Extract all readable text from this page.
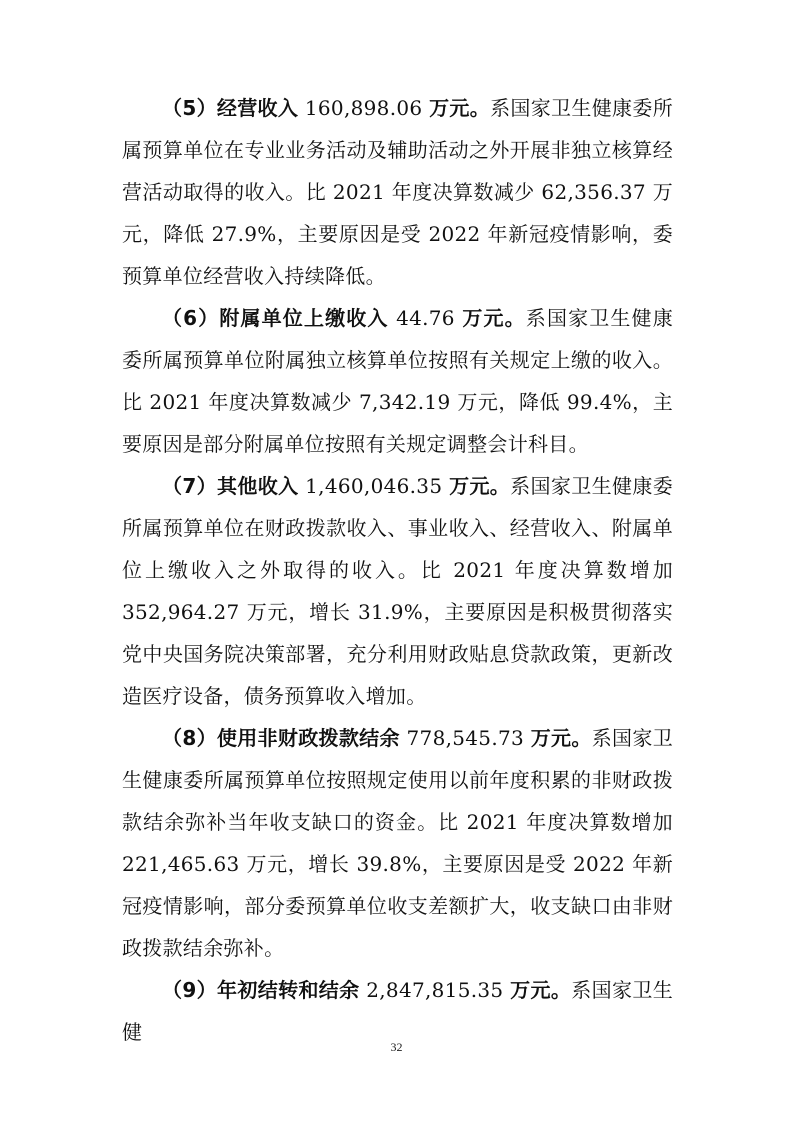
（5）经营收入 160,898.06 万元。系国家卫生健康委所属预算单位在专业业务活动及辅助活动之外开展非独立核算经营活动取得的收入。比 2021 年度决算数减少 62,356.37 万元，降低 27.9%，主要原因是受 2022 年新冠疫情影响，委预算单位经营收入持续降低。

（6）附属单位上缴收入 44.76 万元。系国家卫生健康委所属预算单位附属独立核算单位按照有关规定上缴的收入。比 2021 年度决算数减少 7,342.19 万元，降低 99.4%，主要原因是部分附属单位按照有关规定调整会计科目。

（7）其他收入 1,460,046.35 万元。系国家卫生健康委所属预算单位在财政拨款收入、事业收入、经营收入、附属单位上缴收入之外取得的收入。比 2021 年度决算数增加 352,964.27 万元，增长 31.9%，主要原因是积极贯彻落实党中央国务院决策部署，充分利用财政贴息贷款政策，更新改造医疗设备，债务预算收入增加。

（8）使用非财政拨款结余 778,545.73 万元。系国家卫生健康委所属预算单位按照规定使用以前年度积累的非财政拨款结余弥补当年收支缺口的资金。比 2021 年度决算数增加 221,465.63 万元，增长 39.8%，主要原因是受 2022 年新冠疫情影响，部分委预算单位收支差额扩大，收支缺口由非财政拨款结余弥补。

（9）年初结转和结余 2,847,815.35 万元。系国家卫生健

32
